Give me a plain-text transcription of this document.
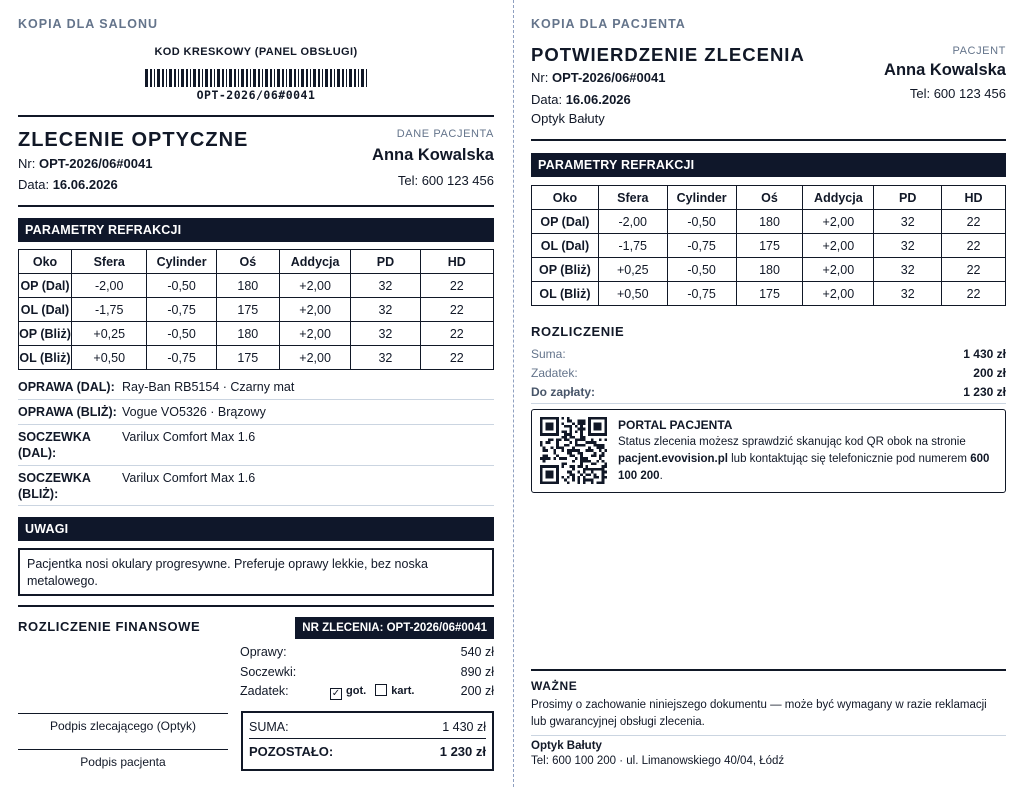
KOPIA DLA SALONU
KOD KRESKOWY (PANEL OBSŁUGI)
OPT-2026/06#0041
ZLECENIE OPTYCZNE
Nr: OPT-2026/06#0041
Data: 16.06.2026
DANE PACJENTA
Anna Kowalska
Tel: 600 123 456
PARAMETRY REFRAKCJI
Oko	Sfera	Cylinder	Oś	Addycja	PD	HD
OP (Dal)	-2,00	-0,50	180	+2,00	32	22
OL (Dal)	-1,75	-0,75	175	+2,00	32	22
OP (Bliż)	+0,25	-0,50	180	+2,00	32	22
OL (Bliż)	+0,50	-0,75	175	+2,00	32	22
OPRAWA (DAL): Ray-Ban RB5154 · Czarny mat
OPRAWA (BLIŻ): Vogue VO5326 · Brązowy
SOCZEWKA (DAL):
Varilux Comfort Max 1.6
SOCZEWKA (BLIŻ):
Varilux Comfort Max 1.6
UWAGI
Pacjentka nosi okulary progresywne. Preferuje oprawy lekkie, bez noska metalowego.
ROZLICZENIE FINANSOWE	NR ZLECENIA: OPT-2026/06#0041
Oprawy:	540 zł
Soczewki:	890 zł
Zadatek:	✓ got. kart.	200 zł
Podpis zlecającego (Optyk)
Podpis pacjenta
SUMA:	1 430 zł
POZOSTAŁO:	1 230 zł
KOPIA DLA PACJENTA
POTWIERDZENIE ZLECENIA
Nr: OPT-2026/06#0041
Data: 16.06.2026
Optyk Bałuty
PACJENT
Anna Kowalska
Tel: 600 123 456
PARAMETRY REFRAKCJI
Oko	Sfera	Cylinder	Oś	Addycja	PD	HD
OP (Dal)	-2,00	-0,50	180	+2,00	32	22
OL (Dal)	-1,75	-0,75	175	+2,00	32	22
OP (Bliż)	+0,25	-0,50	180	+2,00	32	22
OL (Bliż)	+0,50	-0,75	175	+2,00	32	22
ROZLICZENIE
Suma:	1 430 zł
Zadatek:	200 zł
Do zapłaty:	1 230 zł
PORTAL PACJENTA
Status zlecenia możesz sprawdzić skanując kod QR obok na stronie pacjent.evovision.pl lub kontaktując się telefonicznie pod numerem 600 100 200.
WAŻNE
Prosimy o zachowanie niniejszego dokumentu — może być wymagany w razie reklamacji lub gwarancyjnej obsługi zlecenia.
Optyk Bałuty
Tel: 600 100 200 · ul. Limanowskiego 40/04, Łódź
